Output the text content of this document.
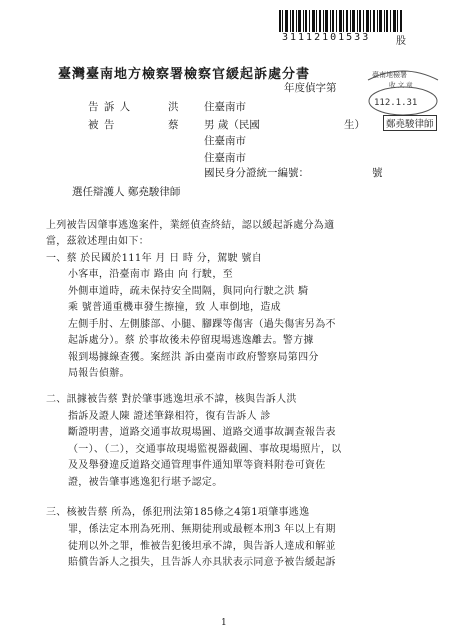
31112101533	股
臺灣臺南地方檢察署檢察官緩起訴處分書
年度偵字第
臺南地檢署
收 文 章
112.1.31
鄭堯駿律師
告 訴 人	洪 住臺南市
被 告	蔡 男 歲（民國	生）
住臺南市
住臺南市
國民身分證統一編號：	號
選任辯護人 鄭堯駿律師
上列被告因肇事逃逸案件，業經偵查終結，認以緩起訴處分為適
當，茲敘述理由如下：
一、蔡 於民國於111年 月 日 時 分，駕駛 號自
小客車，沿臺南市 路由 向 行駛，至
外側車道時，疏未保持安全間隔，與同向行駛之洪 騎
乘 號普通重機車發生擦撞，致 人車倒地，造成
左側手肘、左側膝部、小腿、腳踝等傷害（過失傷害另為不
起訴處分）。蔡 於事故後未停留現場逃逸離去。警方據
報到場據線查獲。案經洪 訴由臺南市政府警察局第四分
局報告偵辦。
二、訊據被告蔡 對於肇事逃逸坦承不諱，核與告訴人洪
指訴及證人陳 證述筆錄相符，復有告訴人 診
斷證明書，道路交通事故現場圖、道路交通事故調查報告表
（一）、（二），交通事故現場監視器截圖、事故現場照片，以
及及舉發違反道路交通管理事件通知單等資料附卷可資佐
證，被告肇事逃逸犯行堪予認定。
三、核被告蔡 所為，係犯刑法第185條之4第1項肇事逃逸
罪，係法定本刑為死刑、無期徒刑或最輕本刑3 年以上有期
徒刑以外之罪，惟被告犯後坦承不諱，與告訴人達成和解並
賠償告訴人之損失，且告訴人亦具狀表示同意予被告緩起訴
1
